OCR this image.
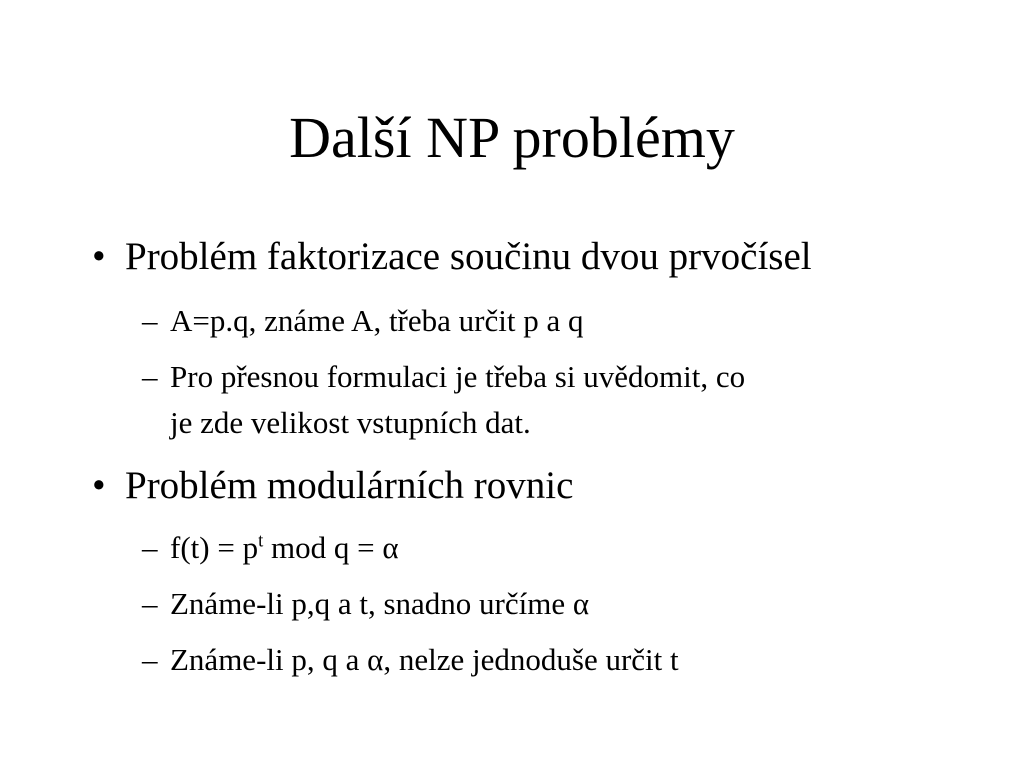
Další NP problémy
• Problém faktorizace součinu dvou prvočísel
– A=p.q, známe A, třeba určit p a q
– Pro přesnou formulaci je třeba si uvědomit, co
je zde velikost vstupních dat.
• Problém modulárních rovnic
– $f(t) = p^t$ mod q = α
– Známe-li p,q a t, snadno určíme α
– Známe-li p, q a α, nelze jednoduše určit t
